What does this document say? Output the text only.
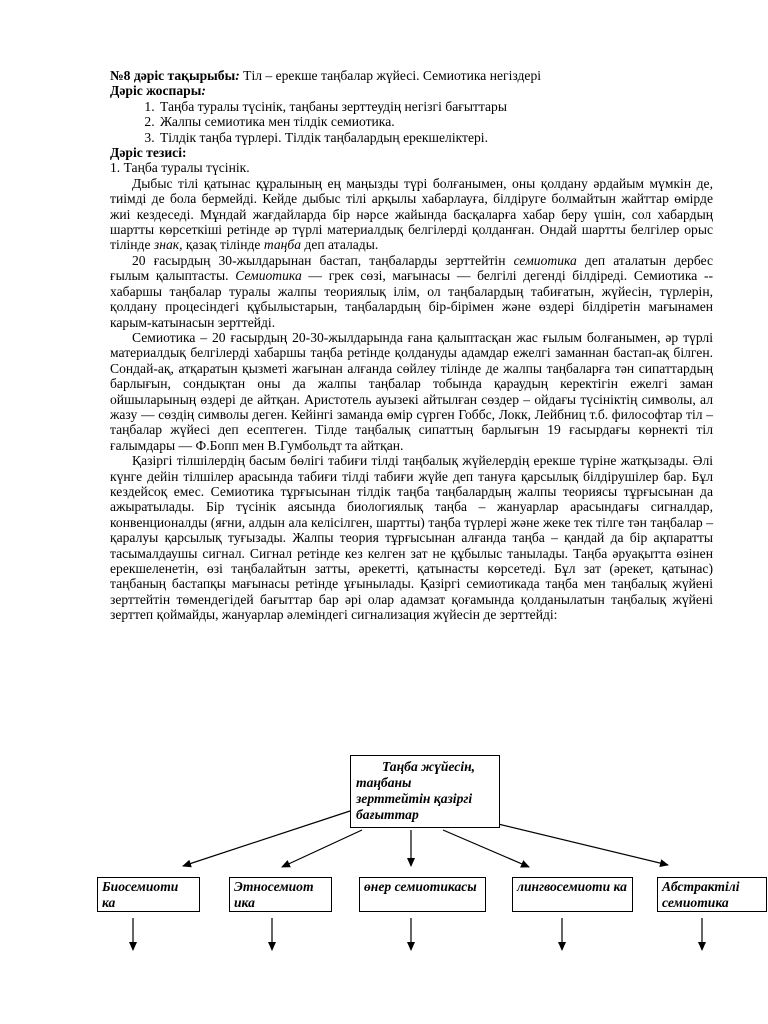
№8 дәріс тақырыбы: Тіл – ерекше таңбалар жүйесі. Семиотика негіздері

Дәріс жоспары:

1. Таңба туралы түсінік, таңбаны зерттеудің негізгі бағыттары
2. Жалпы семиотика мен тілдік семиотика.
3. Тілдік таңба түрлері. Тілдік таңбалардың ерекшеліктері.

Дәріс тезисі:

1. Таңба туралы түсінік.

Дыбыс тілі қатынас құралының ең маңызды түрі болғанымен, оны қолдану әрдайым мүмкін де, тиімді де бола бермейді. Кейде дыбыс тілі арқылы хабарлауға, білдіруге болмайтын жайттар өмірде жиі кездеседі. Мұндай жағдайларда бір нәрсе жайында басқаларға хабар беру үшін, сол хабардың шартты көрсеткіші ретінде әр түрлі материалдық белгілерді қолданған. Ондай шартты белгілер орыс тілінде знак, қазақ тілінде таңба деп аталады.

20 ғасырдың 30-жылдарынан бастап, таңбаларды зерттейтін семиотика деп аталатын дербес ғылым қалыптасты. Семиотика — грек сөзі, мағынасы — белгілі дегенді білдіреді. Семиотика -- хабаршы таңбалар туралы жалпы теориялық ілім, ол таңбалардың табиғатын, жүйесін, түрлерін, қолдану процесіндегі құбылыстарын, таңбалардың бір-бірімен және өздері білдіретін мағынамен карым-катынасын зерттейді.

Семиотика – 20 ғасырдың 20-30-жылдарында ғана қалыптасқан жас ғылым болғанымен, әр түрлі материалдық белгілерді хабаршы таңба ретінде қолдануды адамдар ежелгі заманнан бастап-ақ білген. Сондай-ақ, атқаратын қызметі жағынан алғанда сөйлеу тілінде де жалпы таңбаларға тән сипаттардың барлығын, сондықтан оны да жалпы таңбалар тобында қараудың керектігін ежелгі заман ойшыларының өздері де айтқан. Аристотель ауызекі айтылған сөздер – ойдағы түсініктің символы, ал жазу — сөздің символы деген. Кейінгі заманда өмір сүрген Гоббс, Локк, Лейбниц т.б. философтар тіл – таңбалар жүйесі деп есептеген. Тілде таңбалық сипаттың барлығын 19 ғасырдағы көрнекті тіл ғалымдары — Ф.Бопп мен В.Гумбольдт та айтқан.

Қазіргі тілшілердің басым бөлігі табиғи тілді таңбалық жүйелердің ерекше түріне жатқызады. Әлі күнге дейін тілшілер арасында табиғи тілді табиғи жүйе деп тануға қарсылық білдірушілер бар. Бұл кездейсоқ емес. Семиотика тұрғысынан тілдік таңба таңбалардың жалпы теориясы тұрғысынан да ажыратылады. Бір түсінік аясында биологиялық таңба – жануарлар арасындағы сигналдар, конвенционалды (яғни, алдын ала келісілген, шартты) таңба түрлері және жеке тек тілге тән таңбалар – қаралуы қарсылық туғызады. Жалпы теория тұрғысынан алғанда таңба – қандай да бір ақпаратты тасымалдаушы сигнал. Сигнал ретінде кез келген зат не құбылыс танылады. Таңба әруақытта өзінен ерекшеленетін, өзі таңбалайтын затты, әрекетті, қатынасты көрсетеді. Бұл зат (әрекет, қатынас) таңбаның бастапқы мағынасы ретінде ұғынылады. Қазіргі семиотикада таңба мен таңбалық жүйені зерттейтін төмендегідей бағыттар бар әрі олар адамзат қоғамында қолданылатын таңбалық жүйені зерттеп қоймайды, жануарлар әлеміндегі сигнализация жүйесін де зерттейді:

Таңба жүйесін,
таңбаны
зерттейтін қазіргі
бағыттар
Биосемиоти ка
Этносемиот ика
өнер семиотикасы	лингвосемиоти ка	Абстрактілі семиотика
